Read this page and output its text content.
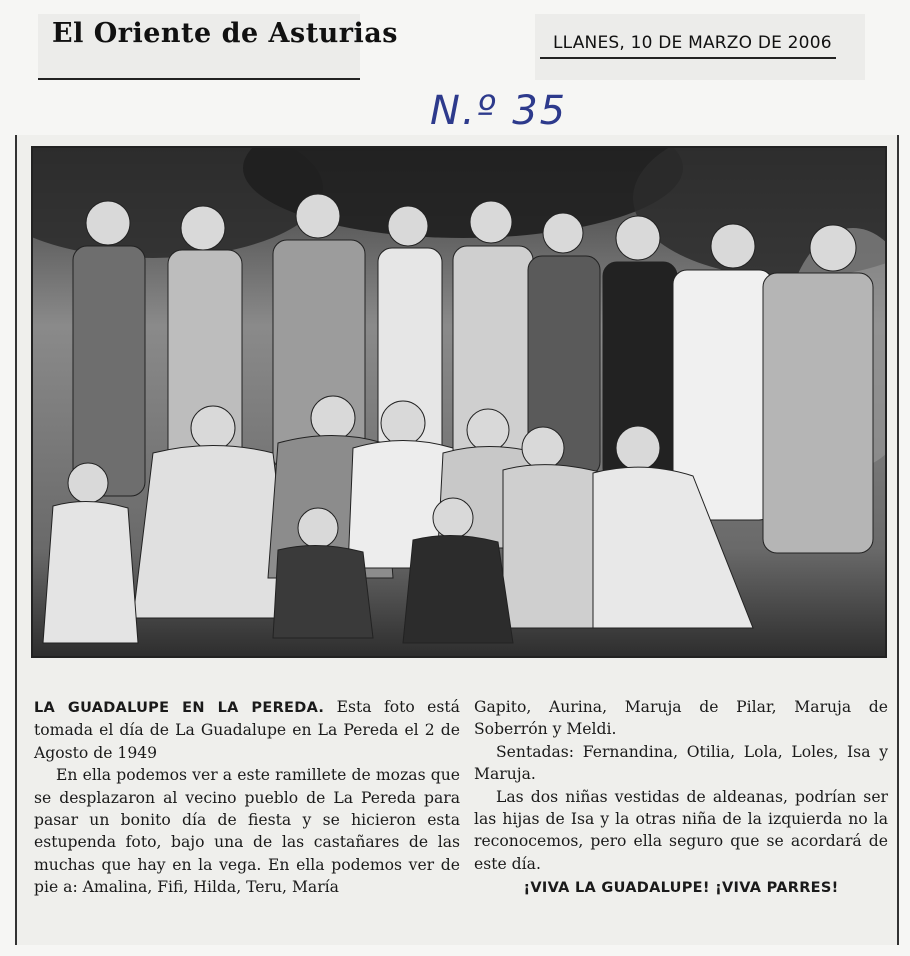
El Oriente de Asturias	LLANES, 10 DE MARZO DE 2006
N.º 35

LA GUADALUPE EN LA PEREDA. Esta foto está tomada el día de La Guadalupe en La Pereda el 2 de Agosto de 1949

En ella podemos ver a este ramillete de mozas que se desplazaron al vecino pueblo de La Pereda para pasar un bonito día de fiesta y se hicieron esta estupenda foto, bajo una de las castañares de las muchas que hay en la vega. En ella podemos ver de pie a: Amalina, Fifi, Hilda, Teru, María

Gapito, Aurina, Maruja de Pilar, Maruja de Soberrón y Meldi.

Sentadas: Fernandina, Otilia, Lola, Loles, Isa y Maruja.

Las dos niñas vestidas de aldeanas, podrían ser las hijas de Isa y la otras niña de la izquierda no la reconocemos, pero ella seguro que se acordará de este día.

¡VIVA LA GUADALUPE! ¡VIVA PARRES!
